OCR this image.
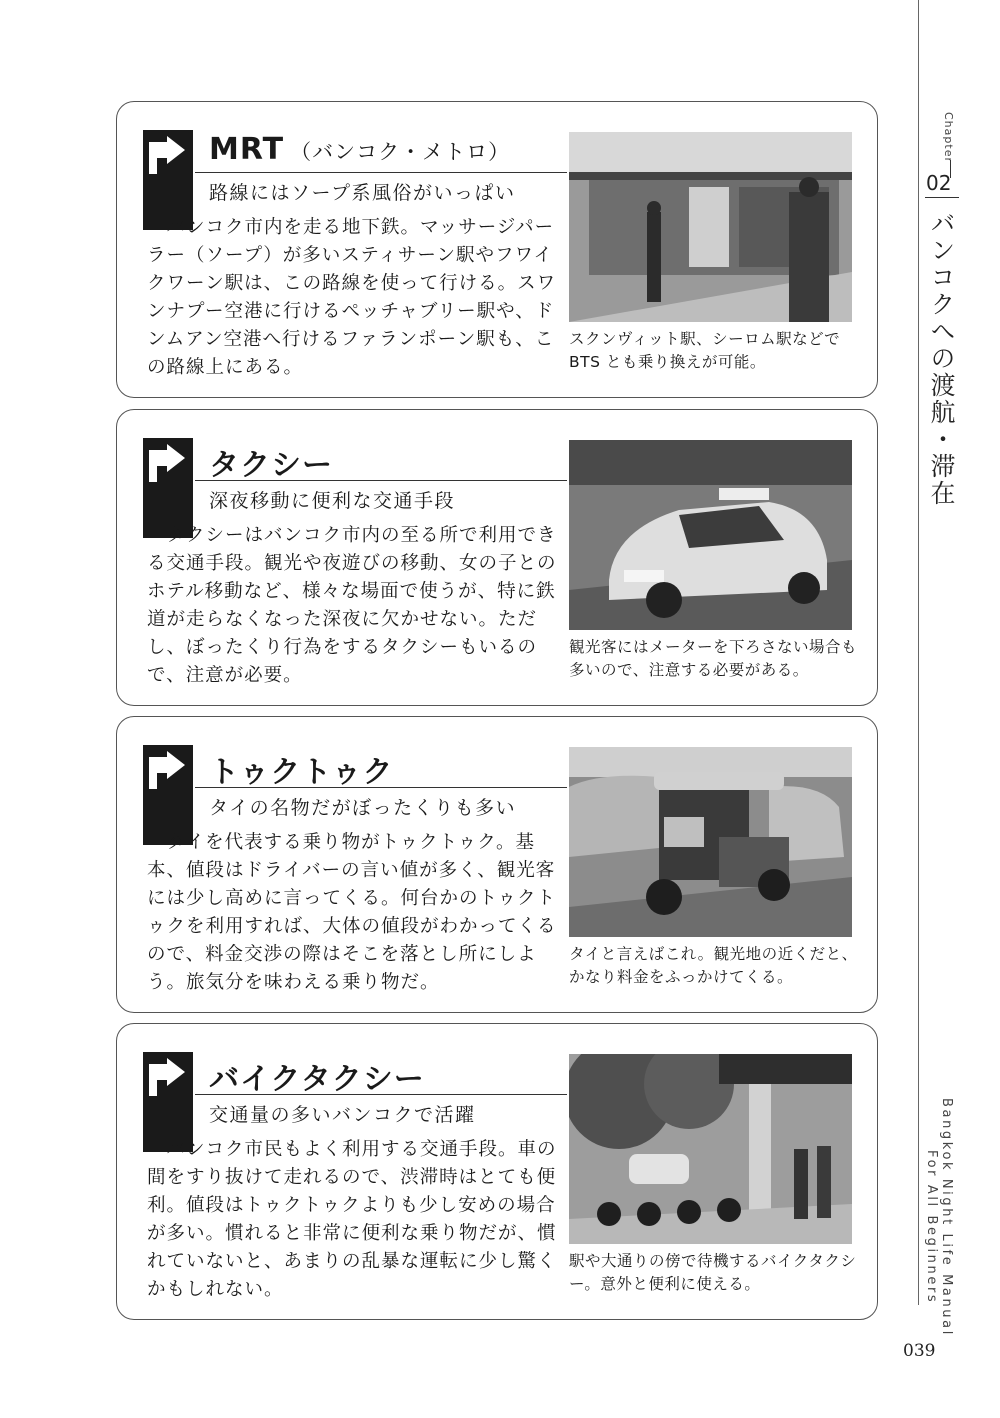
MRT （バンコク・メトロ）
路線にはソープ系風俗がいっぱい

　バンコク市内を走る地下鉄。マッサージパーラー（ソープ）が多いスティサーン駅やフワイクワーン駅は、この路線を使って行ける。スワンナプー空港に行けるペッチャブリー駅や、ドンムアン空港へ行けるファランポーン駅も、この路線上にある。

スクンヴィット駅、シーロム駅などで BTS とも乗り換えが可能。

タクシー
深夜移動に便利な交通手段

　タクシーはバンコク市内の至る所で利用できる交通手段。観光や夜遊びの移動、女の子とのホテル移動など、様々な場面で使うが、特に鉄道が走らなくなった深夜に欠かせない。ただし、ぼったくり行為をするタクシーもいるので、注意が必要。

観光客にはメーターを下ろさない場合も多いので、注意する必要がある。

トゥクトゥク
タイの名物だがぼったくりも多い

　タイを代表する乗り物がトゥクトゥク。基本、値段はドライバーの言い値が多く、観光客には少し高めに言ってくる。何台かのトゥクトゥクを利用すれば、大体の値段がわかってくるので、料金交渉の際はそこを落とし所にしよう。旅気分を味わえる乗り物だ。

タイと言えばこれ。観光地の近くだと、かなり料金をふっかけてくる。

バイクタクシー
交通量の多いバンコクで活躍

　バンコク市民もよく利用する交通手段。車の間をすり抜けて走れるので、渋滞時はとても便利。値段はトゥクトゥクよりも少し安めの場合が多い。慣れると非常に便利な乗り物だが、慣れていないと、あまりの乱暴な運転に少し驚くかもしれない。

駅や大通りの傍で待機するバイクタクシー。意外と便利に使える。

Chapter
02
バンコクへの渡航・滞在
Bangkok Night Life Manual
For All Beginners
039
